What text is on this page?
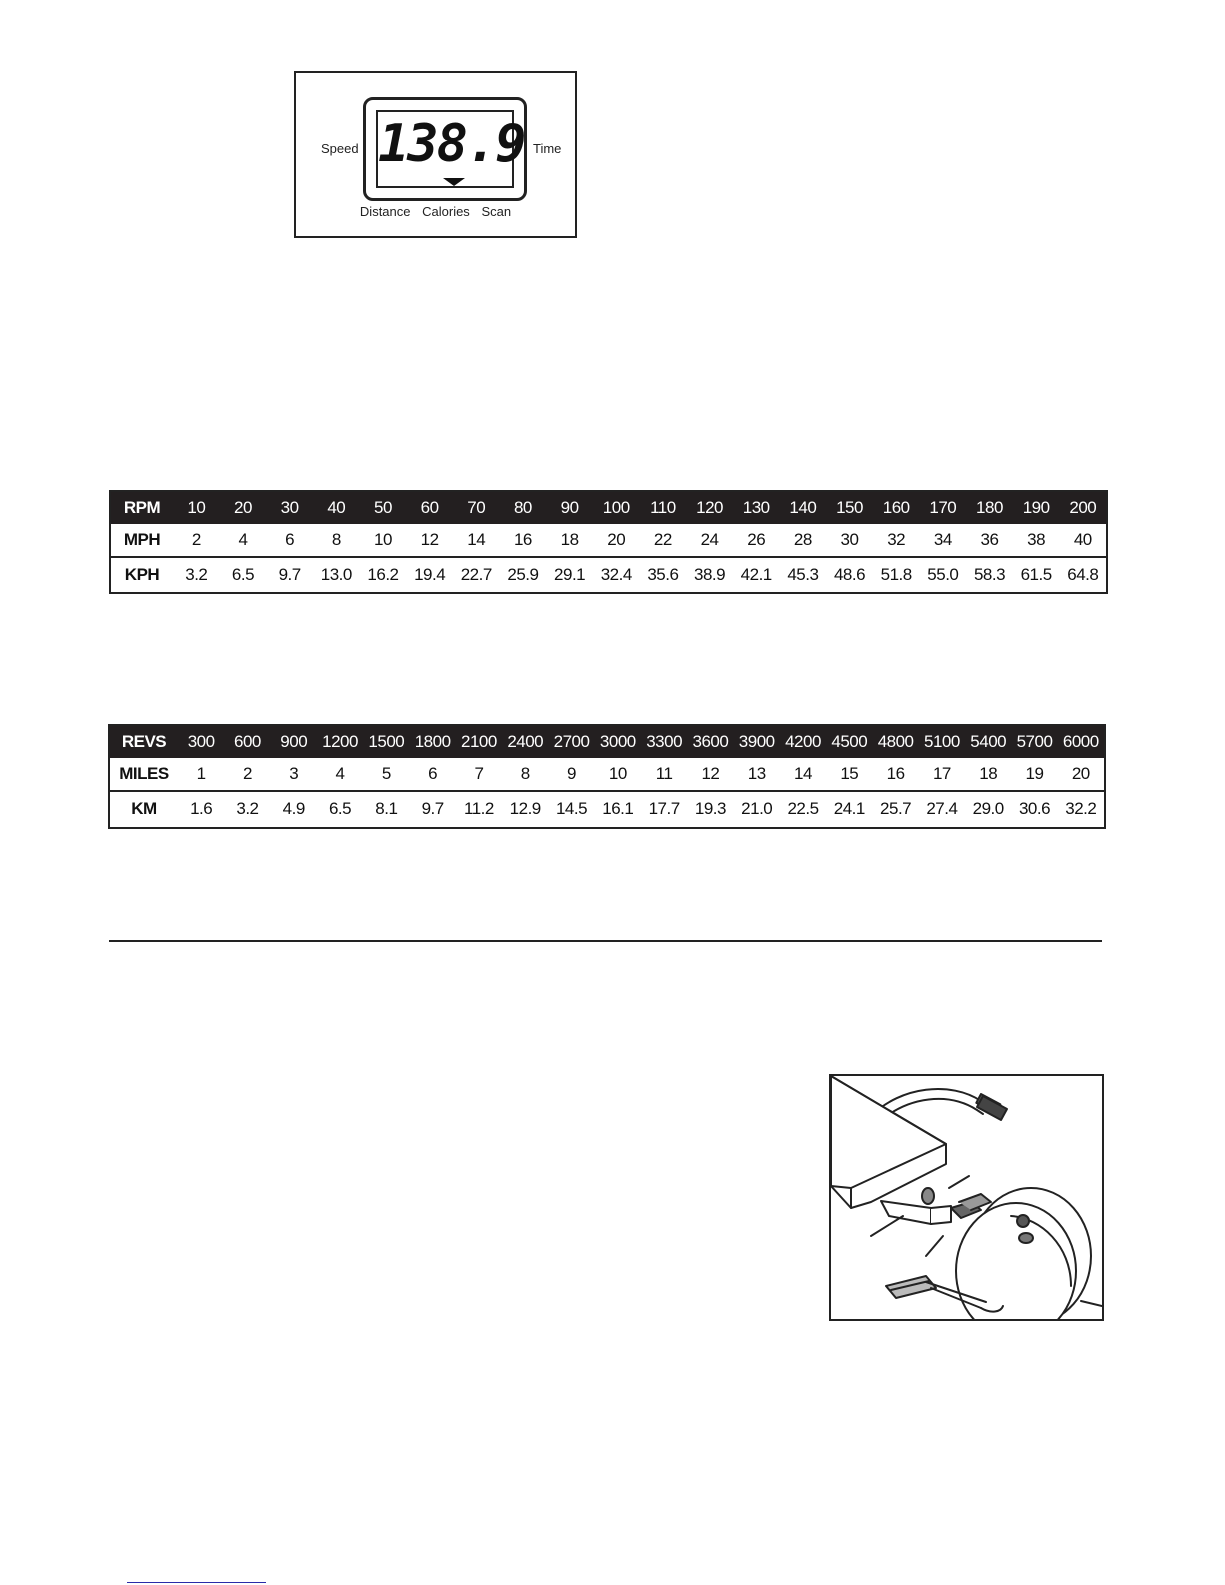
Speed 138.9 Time
Distance Calories Scan
RPM	10	20	30	40	50	60	70	80	90	100	110	120	130	140	150	160	170	180	190	200
MPH	2	4	6	8	10	12	14	16	18	20	22	24	26	28	30	32	34	36	38	40
KPH	3.2	6.5	9.7	13.0 16.2 19.4 22.7 25.9 29.1 32.4 35.6 38.9 42.1 45.3 48.6 51.8 55.0 58.3 61.5 64.8
REVS	300	600	900 1200 1500 1800 2100 2400 2700 3000 3300 3600 3900 4200 4500 4800 5100 5400 5700 6000
MILES	1	2	3	4	5	6	7	8	9	10	11	12	13	14	15	16	17	18	19	20
KM	1.6	3.2	4.9	6.5	8.1	9.7	11.2 12.9 14.5 16.1 17.7 19.3 21.0 22.5 24.1 25.7 27.4 29.0 30.6 32.2
